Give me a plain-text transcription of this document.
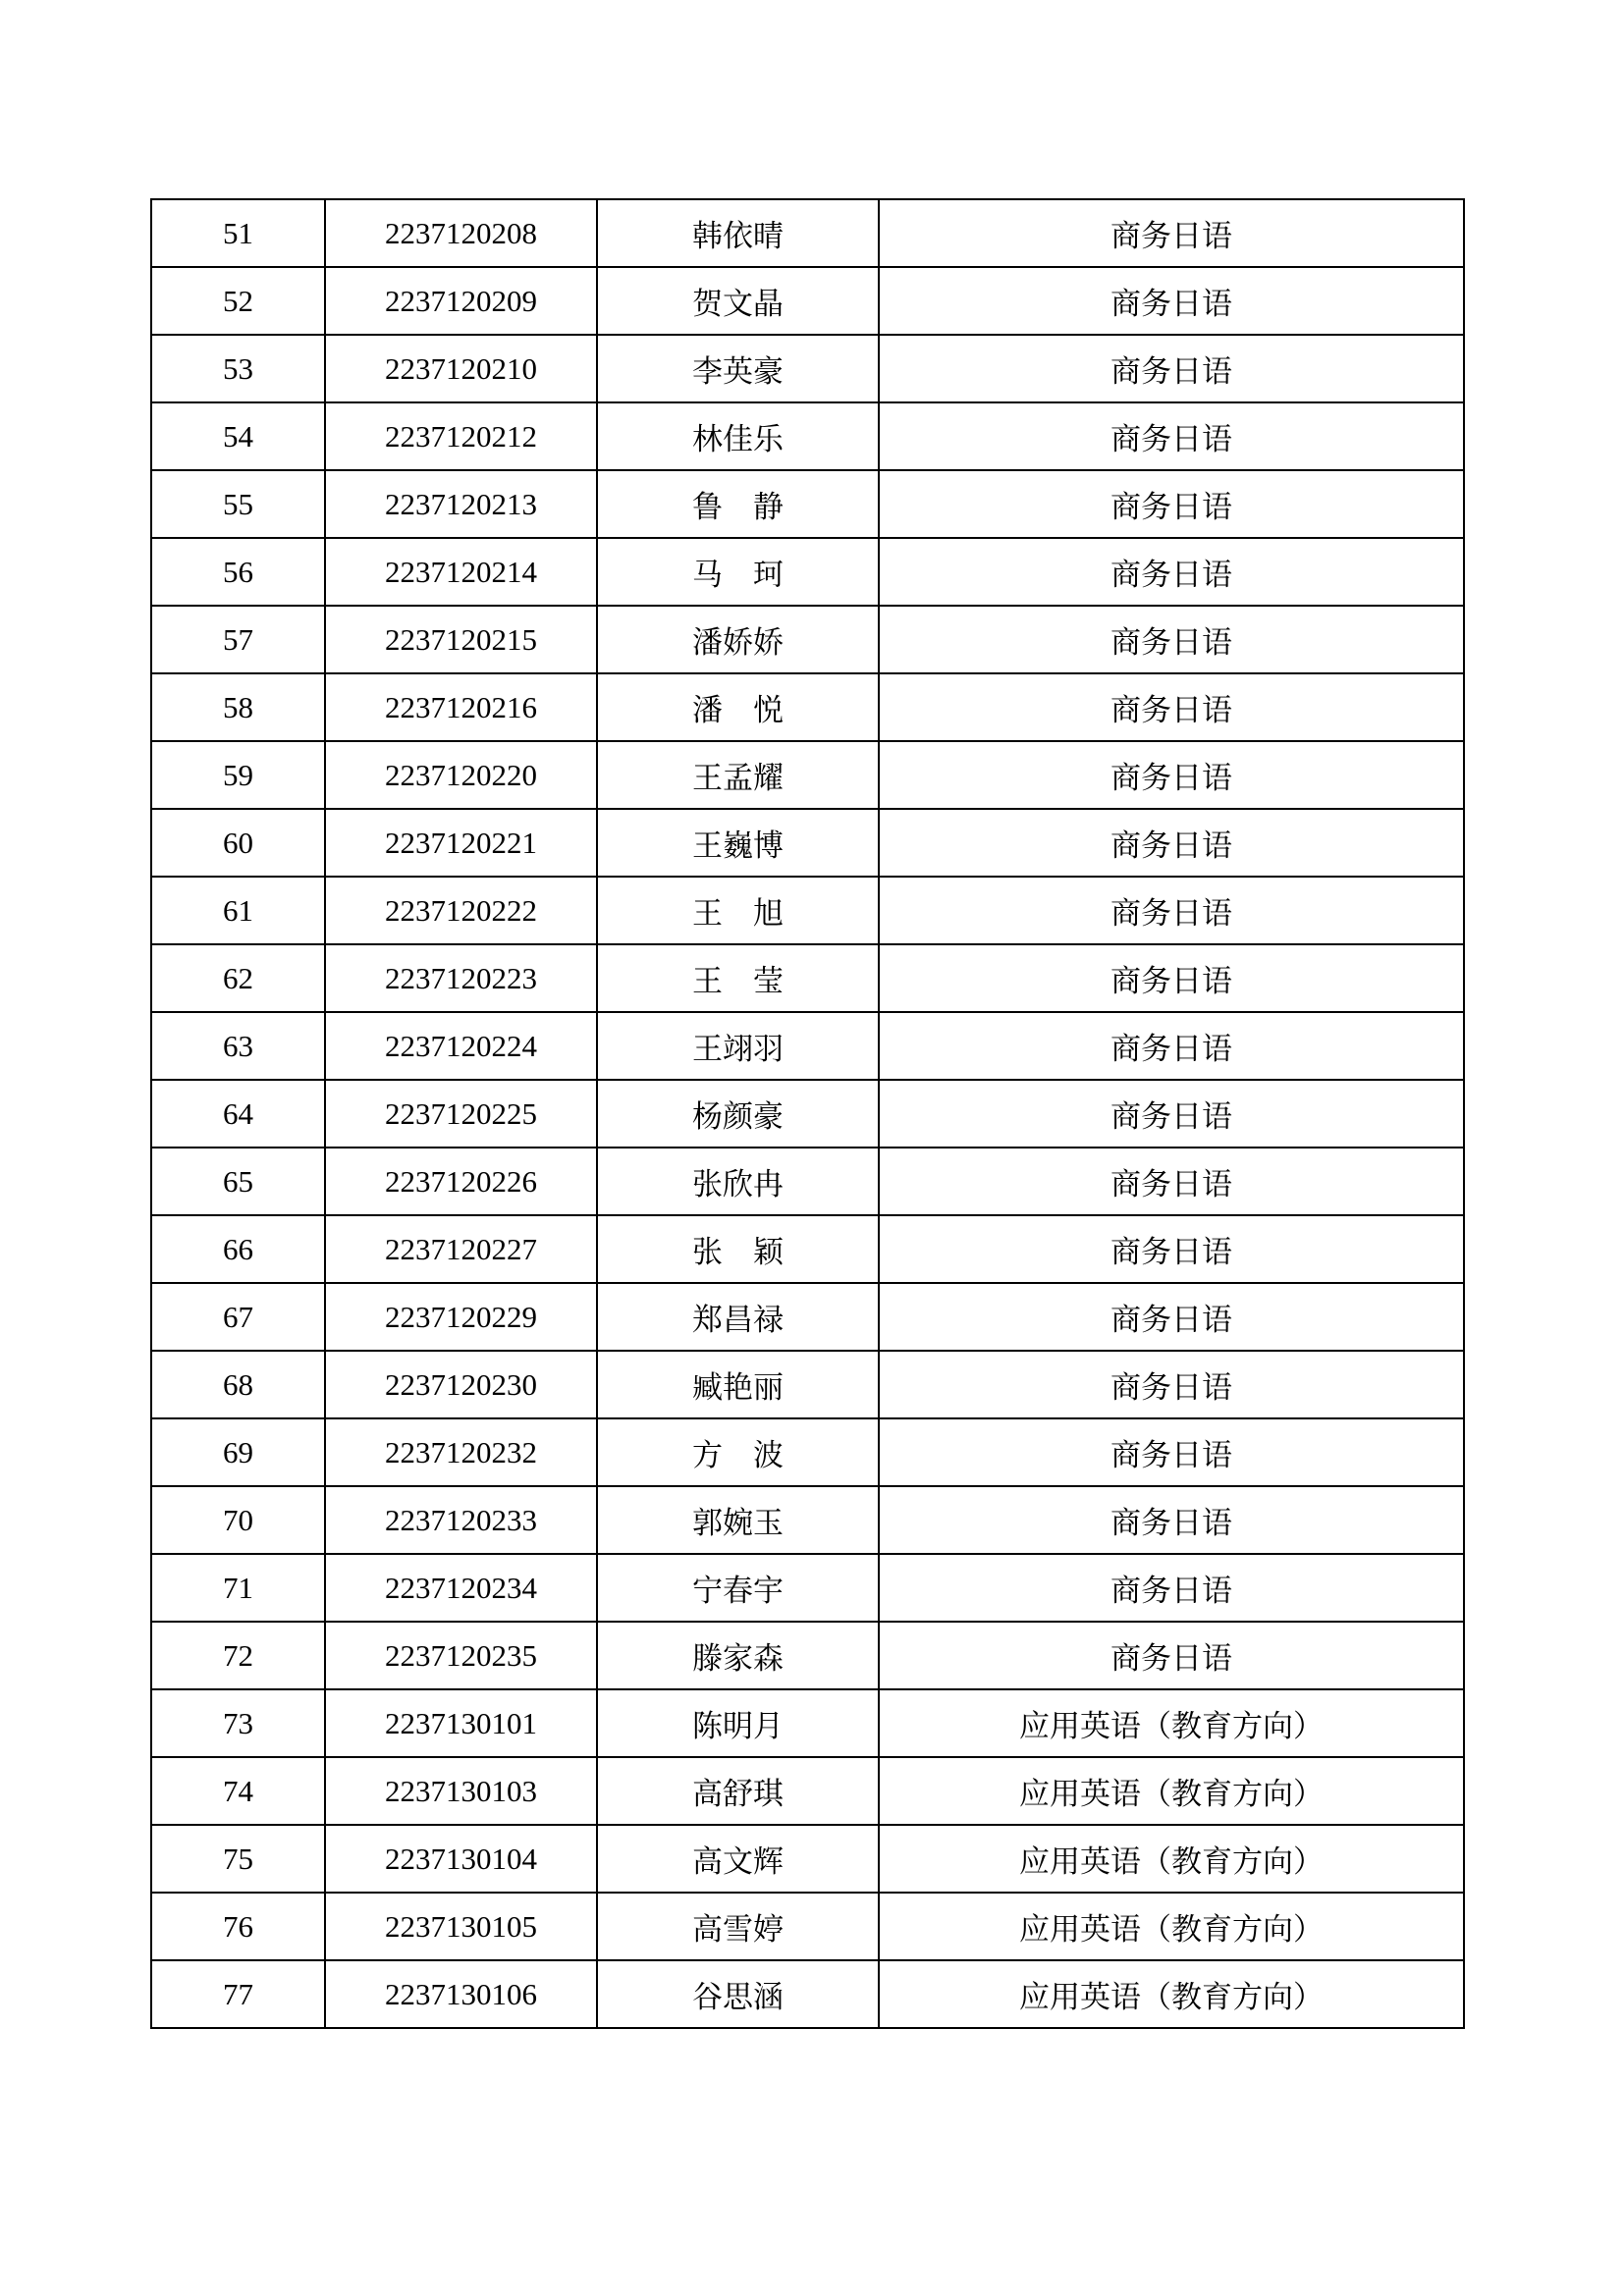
51	2237120208	韩依晴	商务日语
52	2237120209	贺文晶	商务日语
53	2237120210	李英豪	商务日语
54	2237120212	林佳乐	商务日语
55	2237120213	鲁　静	商务日语
56	2237120214	马　珂	商务日语
57	2237120215	潘娇娇	商务日语
58	2237120216	潘　悦	商务日语
59	2237120220	王孟耀	商务日语
60	2237120221	王巍博	商务日语
61	2237120222	王　旭	商务日语
62	2237120223	王　莹	商务日语
63	2237120224	王翊羽	商务日语
64	2237120225	杨颜豪	商务日语
65	2237120226	张欣冉	商务日语
66	2237120227	张　颖	商务日语
67	2237120229	郑昌禄	商务日语
68	2237120230	臧艳丽	商务日语
69	2237120232	方　波	商务日语
70	2237120233	郭婉玉	商务日语
71	2237120234	宁春宇	商务日语
72	2237120235	滕家森	商务日语
73	2237130101	陈明月	应用英语（教育方向）
74	2237130103	高舒琪	应用英语（教育方向）
75	2237130104	高文辉	应用英语（教育方向）
76	2237130105	高雪婷	应用英语（教育方向）
77	2237130106	谷思涵	应用英语（教育方向）
